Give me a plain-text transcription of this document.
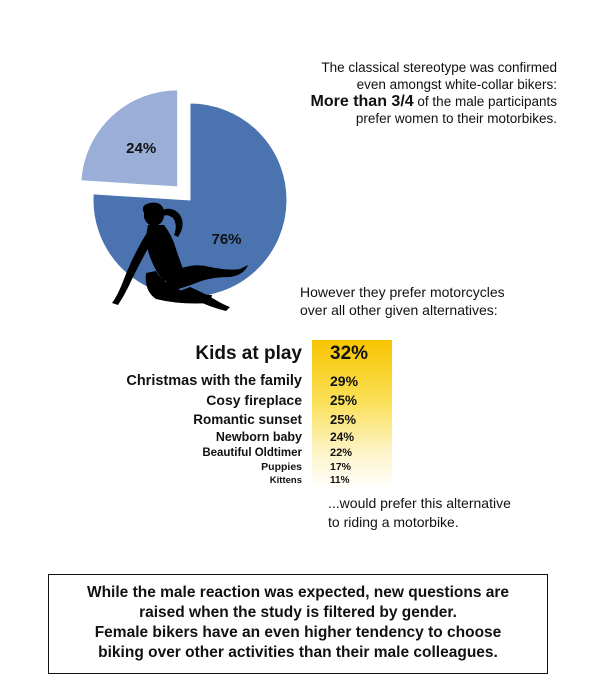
76%
24%
The classical stereotype was confirmed
even amongst white-collar bikers:
More than 3/4 of the male participants
prefer women to their motorbikes.
However they prefer motorcycles
over all other given alternatives:
Kids at play 32%
Christmas with the family 29%
Cosy fireplace 25%
Romantic sunset 25%
Newborn baby 24%
Beautiful Oldtimer	22%
Puppies	17%
Kittens	11%
...would prefer this alternative
to riding a motorbike.
While the male reaction was expected, new questions are
raised when the study is filtered by gender.
Female bikers have an even higher tendency to choose
biking over other activities than their male colleagues.
